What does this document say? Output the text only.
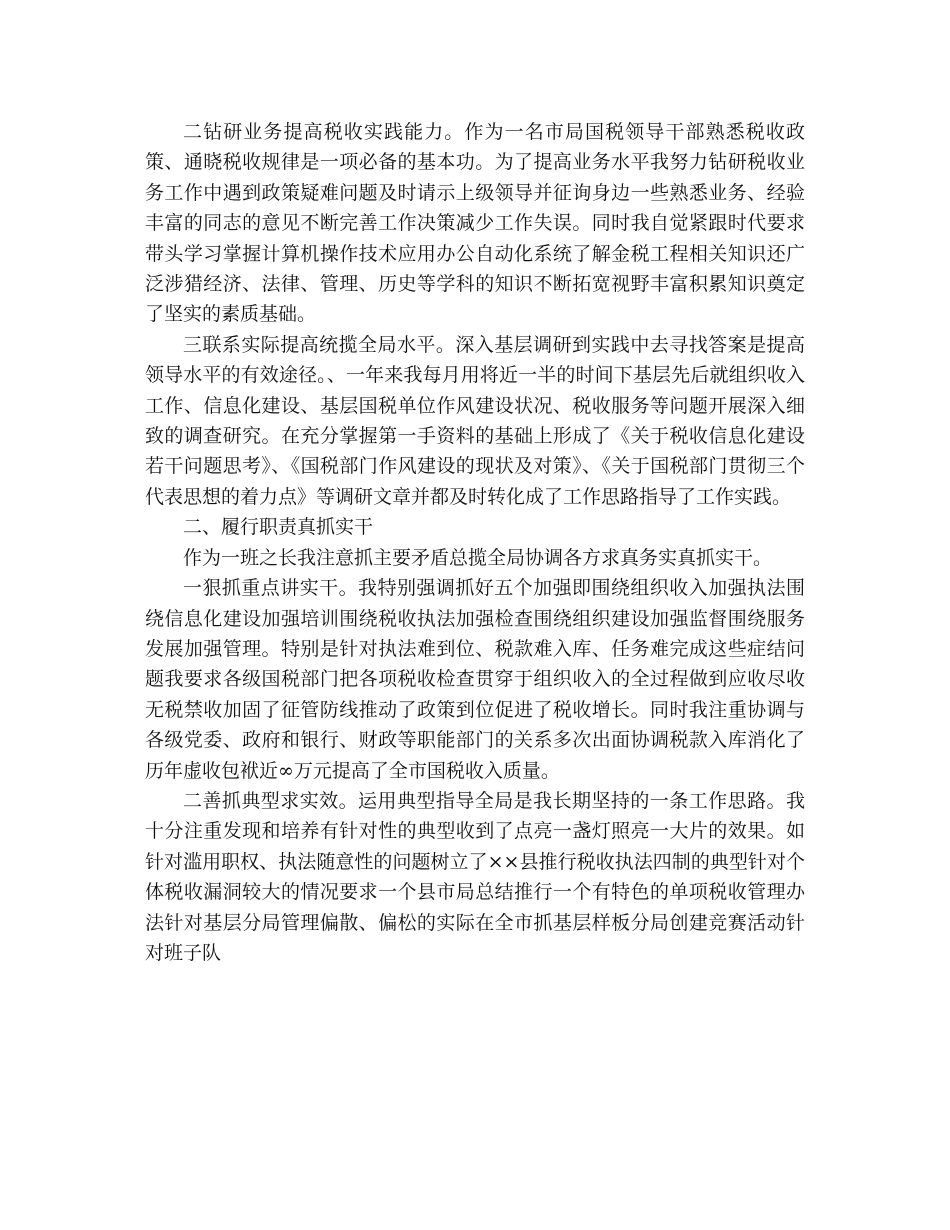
二钻研业务提高税收实践能力。作为一名市局国税领导干部熟悉税收政策、通晓税收规律是一项必备的基本功。为了提高业务水平我努力钻研税收业务工作中遇到政策疑难问题及时请示上级领导并征询身边一些熟悉业务、经验丰富的同志的意见不断完善工作决策减少工作失误。同时我自觉紧跟时代要求带头学习掌握计算机操作技术应用办公自动化系统了解金税工程相关知识还广泛涉猎经济、法律、管理、历史等学科的知识不断拓宽视野丰富积累知识奠定了坚实的素质基础。

三联系实际提高统揽全局水平。深入基层调研到实践中去寻找答案是提高领导水平的有效途径。、一年来我每月用将近一半的时间下基层先后就组织收入工作、信息化建设、基层国税单位作风建设状况、税收服务等问题开展深入细致的调查研究。在充分掌握第一手资料的基础上形成了《关于税收信息化建设若干问题思考》、《国税部门作风建设的现状及对策》、《关于国税部门贯彻三个代表思想的着力点》等调研文章并都及时转化成了工作思路指导了工作实践。

二、履行职责真抓实干

作为一班之长我注意抓主要矛盾总揽全局协调各方求真务实真抓实干。

一狠抓重点讲实干。我特别强调抓好五个加强即围绕组织收入加强执法围绕信息化建设加强培训围绕税收执法加强检查围绕组织建设加强监督围绕服务发展加强管理。特别是针对执法难到位、税款难入库、任务难完成这些症结问题我要求各级国税部门把各项税收检查贯穿于组织收入的全过程做到应收尽收无税禁收加固了征管防线推动了政策到位促进了税收增长。同时我注重协调与各级党委、政府和银行、财政等职能部门的关系多次出面协调税款入库消化了历年虚收包袱近∞万元提高了全市国税收入质量。

二善抓典型求实效。运用典型指导全局是我长期坚持的一条工作思路。我十分注重发现和培养有针对性的典型收到了点亮一盏灯照亮一大片的效果。如针对滥用职权、执法随意性的问题树立了××县推行税收执法四制的典型针对个体税收漏洞较大的情况要求一个县市局总结推行一个有特色的单项税收管理办法针对基层分局管理偏散、偏松的实际在全市抓基层样板分局创建竞赛活动针对班子队
